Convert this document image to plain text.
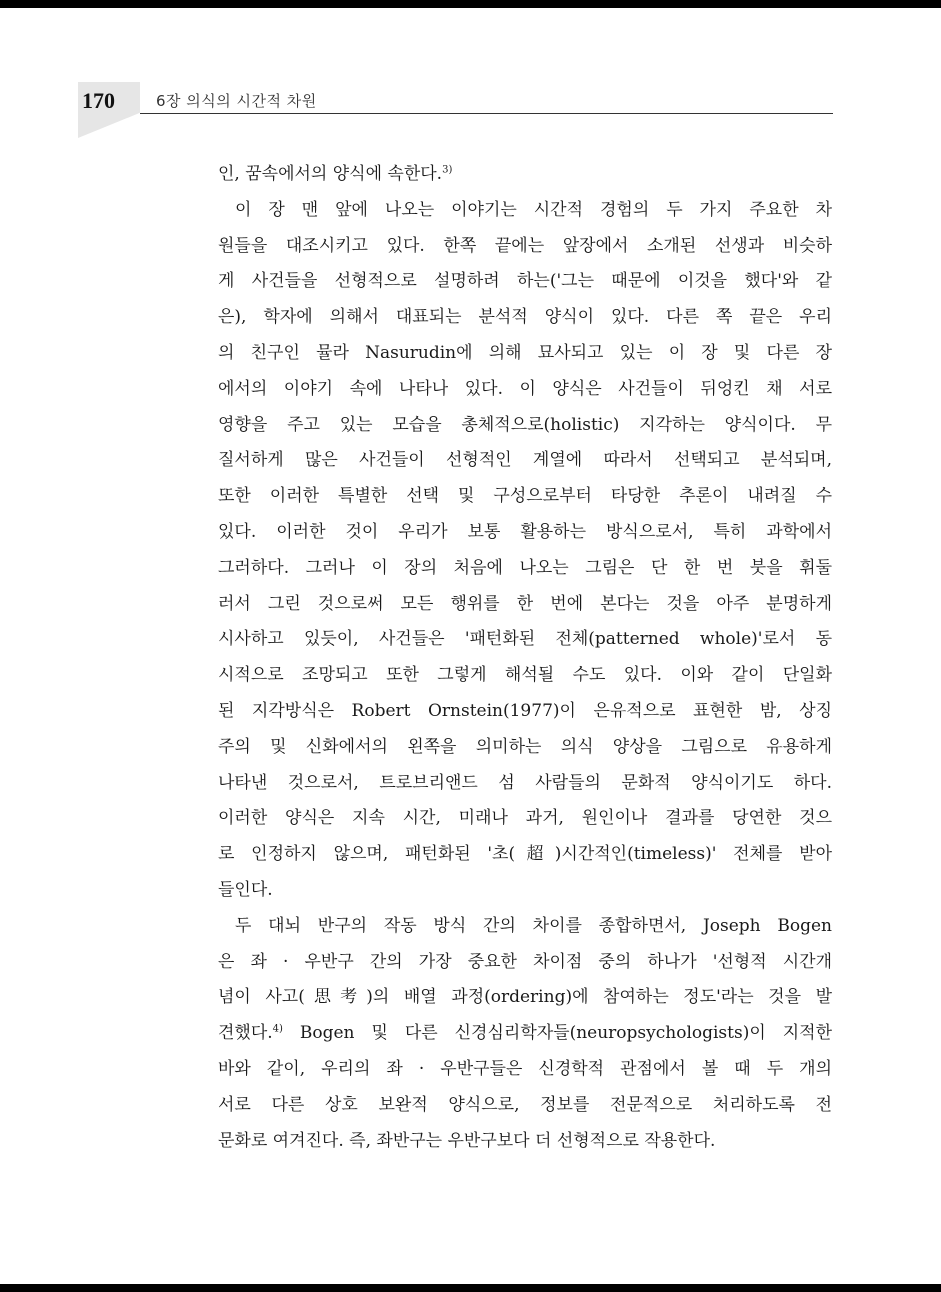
170	6장 의식의 시간적 차원
인, 꿈속에서의 양식에 속한다.$^{3)}$
이 장 맨 앞에 나오는 이야기는 시간적 경험의 두 가지 주요한 차
원들을 대조시키고 있다. 한쪽 끝에는 앞장에서 소개된 선생과 비슷하
게 사건들을 선형적으로 설명하려 하는('그는 때문에 이것을 했다'와 같
은), 학자에 의해서 대표되는 분석적 양식이 있다. 다른 쪽 끝은 우리
의 친구인 뮬라 Nasurudin에 의해 묘사되고 있는 이 장 및 다른 장
에서의 이야기 속에 나타나 있다. 이 양식은 사건들이 뒤엉킨 채 서로
영향을 주고 있는 모습을 총체적으로(holistic) 지각하는 양식이다. 무
질서하게 많은 사건들이 선형적인 계열에 따라서 선택되고 분석되며,
또한 이러한 특별한 선택 및 구성으로부터 타당한 추론이 내려질 수
있다. 이러한 것이 우리가 보통 활용하는 방식으로서, 특히 과학에서
그러하다. 그러나 이 장의 처음에 나오는 그림은 단 한 번 붓을 휘둘
러서 그린 것으로써 모든 행위를 한 번에 본다는 것을 아주 분명하게
시사하고 있듯이, 사건들은 '패턴화된 전체(patterned whole)'로서 동
시적으로 조망되고 또한 그렇게 해석될 수도 있다. 이와 같이 단일화
된 지각방식은 Robert Ornstein(1977)이 은유적으로 표현한 밤, 상징
주의 및 신화에서의 왼쪽을 의미하는 의식 양상을 그림으로 유용하게
나타낸 것으로서, 트로브리앤드 섬 사람들의 문화적 양식이기도 하다.
이러한 양식은 지속 시간, 미래나 과거, 원인이나 결과를 당연한 것으
로 인정하지 않으며, 패턴화된 '초(超)시간적인(timeless)' 전체를 받아
들인다.
두 대뇌 반구의 작동 방식 간의 차이를 종합하면서, Joseph Bogen
은 좌 · 우반구 간의 가장 중요한 차이점 중의 하나가 '선형적 시간개
념이 사고(思考)의 배열 과정(ordering)에 참여하는 정도'라는 것을 발
견했다.$^{4)}$ Bogen 및 다른 신경심리학자들(neuropsychologists)이 지적한
바와 같이, 우리의 좌 · 우반구들은 신경학적 관점에서 볼 때 두 개의
서로 다른 상호 보완적 양식으로, 정보를 전문적으로 처리하도록 전
문화로 여겨진다. 즉, 좌반구는 우반구보다 더 선형적으로 작용한다.
